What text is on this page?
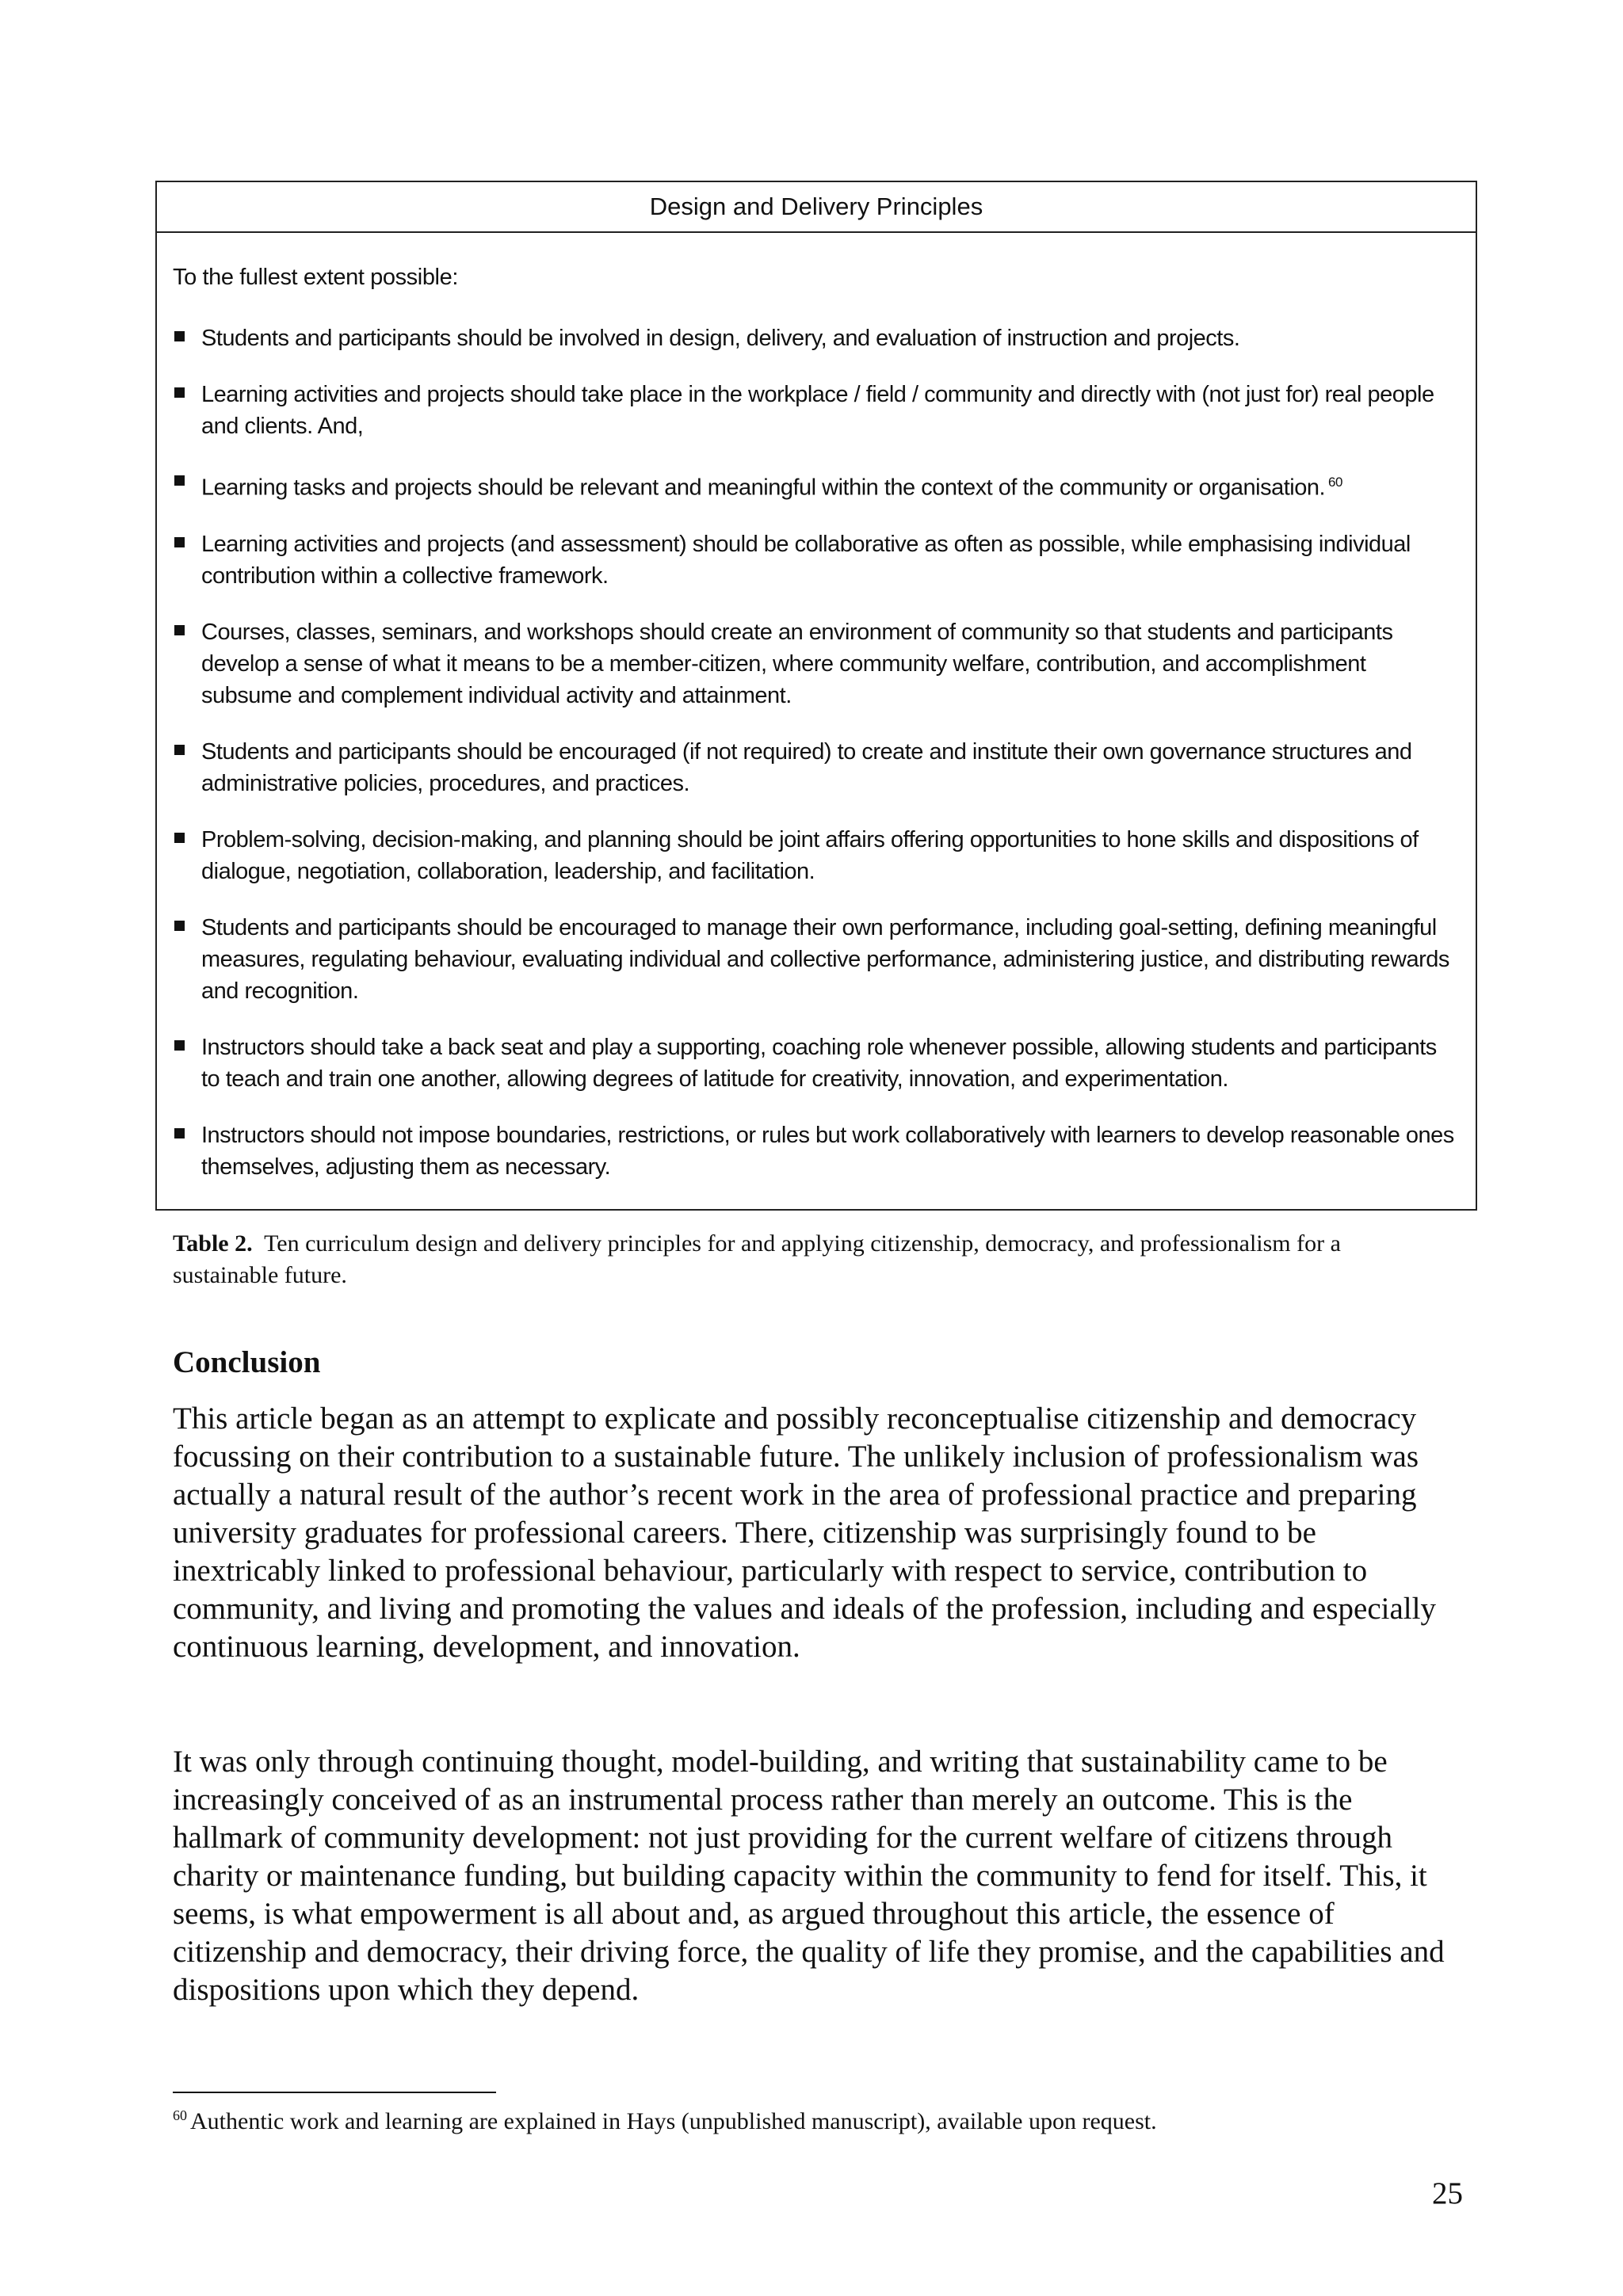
Design and Delivery Principles

To the fullest extent possible:

Students and participants should be involved in design, delivery, and evaluation of instruction and projects.
Learning activities and projects should take place in the workplace / field / community and directly with (not just for) real people and clients. And,
Learning tasks and projects should be relevant and meaningful within the context of the community or organisation. $^{60}$
Learning activities and projects (and assessment) should be collaborative as often as possible, while emphasising individual contribution within a collective framework.
Courses, classes, seminars, and workshops should create an environment of community so that students and participants develop a sense of what it means to be a member-citizen, where community welfare, contribution, and accomplishment subsume and complement individual activity and attainment.
Students and participants should be encouraged (if not required) to create and institute their own governance structures and administrative policies, procedures, and practices.
Problem-solving, decision-making, and planning should be joint affairs offering opportunities to hone skills and dispositions of dialogue, negotiation, collaboration, leadership, and facilitation.
Students and participants should be encouraged to manage their own performance, including goal-setting, defining meaningful measures, regulating behaviour, evaluating individual and collective performance, administering justice, and distributing rewards and recognition.
Instructors should take a back seat and play a supporting, coaching role whenever possible, allowing students and participants to teach and train one another, allowing degrees of latitude for creativity, innovation, and experimentation.
Instructors should not impose boundaries, restrictions, or rules but work collaboratively with learners to develop reasonable ones themselves, adjusting them as necessary.
Table 2. Ten curriculum design and delivery principles for and applying citizenship, democracy, and professionalism for a sustainable future.
Conclusion

This article began as an attempt to explicate and possibly reconceptualise citizenship and democracy focussing on their contribution to a sustainable future. The unlikely inclusion of professionalism was actually a natural result of the author’s recent work in the area of professional practice and preparing university graduates for professional careers. There, citizenship was surprisingly found to be inextricably linked to professional behaviour, particularly with respect to service, contribution to community, and living and promoting the values and ideals of the profession, including and especially continuous learning, development, and innovation.

It was only through continuing thought, model-building, and writing that sustainability came to be increasingly conceived of as an instrumental process rather than merely an outcome. This is the hallmark of community development: not just providing for the current welfare of citizens through charity or maintenance funding, but building capacity within the community to fend for itself. This, it seems, is what empowerment is all about and, as argued throughout this article, the essence of citizenship and democracy, their driving force, the quality of life they promise, and the capabilities and dispositions upon which they depend.

$^{60}$ Authentic work and learning are explained in Hays (unpublished manuscript), available upon request.
25
